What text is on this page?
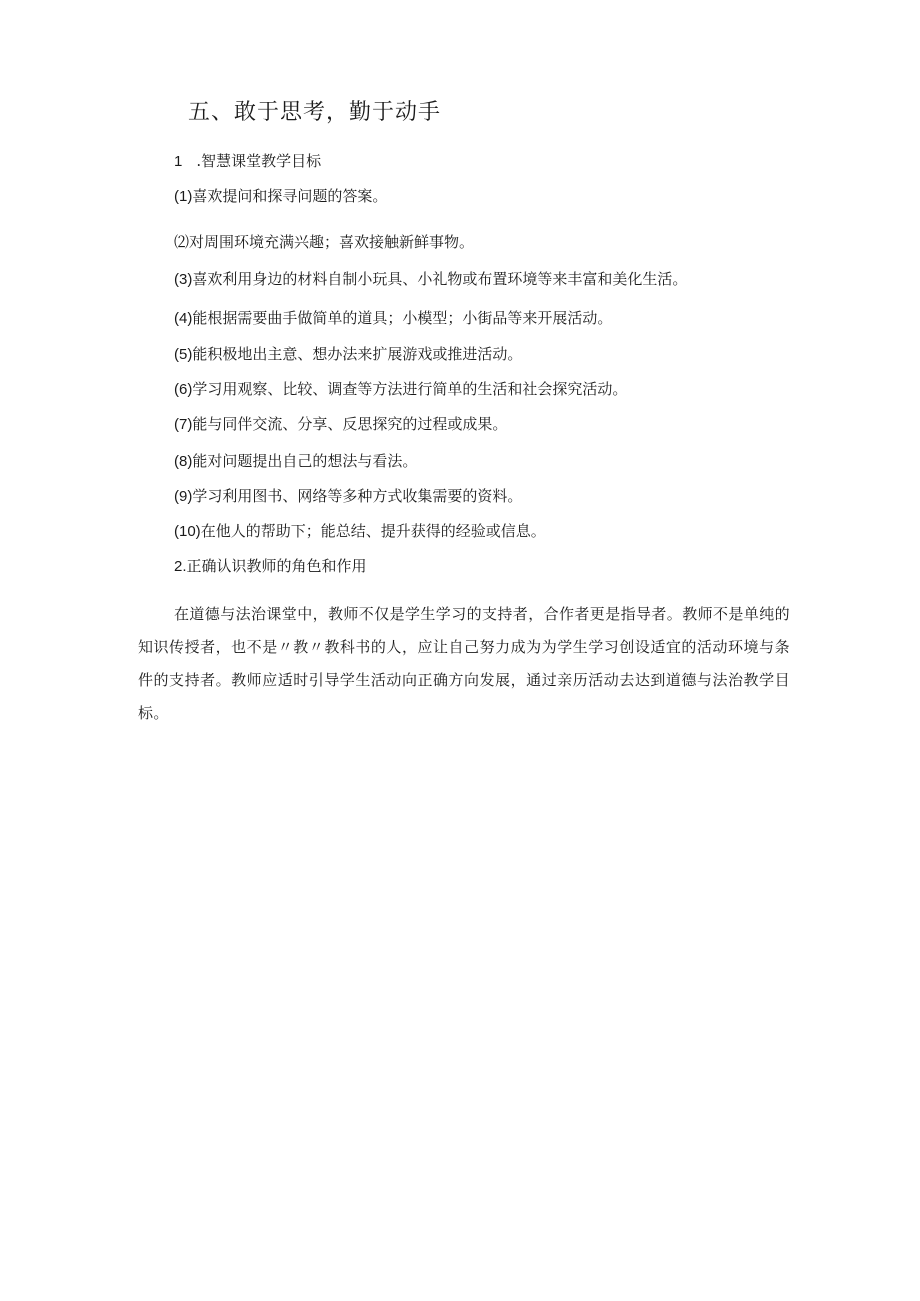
五、敢于思考，勤于动手
1 .智慧课堂教学目标
(1)喜欢提问和探寻问题的答案。
⑵对周围环境充满兴趣；喜欢接触新鲜事物。
(3)喜欢利用身边的材料自制小玩具、小礼物或布置环境等来丰富和美化生活。
(4)能根据需要曲手做简单的道具；小模型；小街品等来开展活动。
(5)能积极地出主意、想办法来扩展游戏或推进活动。
(6)学习用观察、比较、调查等方法进行简单的生活和社会探究活动。
(7)能与同伴交流、分享、反思探究的过程或成果。
(8)能对问题提出自己的想法与看法。
(9)学习利用图书、网络等多种方式收集需要的资料。
(10)在他人的帮助下；能总结、提升获得的经验或信息。
2.正确认识教师的角色和作用

在道德与法治课堂中，教师不仅是学生学习的支持者，合作者更是指导者。教师不是单纯的知识传授者，也不是〃教〃教科书的人，应让自己努力成为为学生学习创设适宜的活动环境与条件的支持者。教师应适时引导学生活动向正确方向发展，通过亲历活动去达到道德与法治教学目标。
